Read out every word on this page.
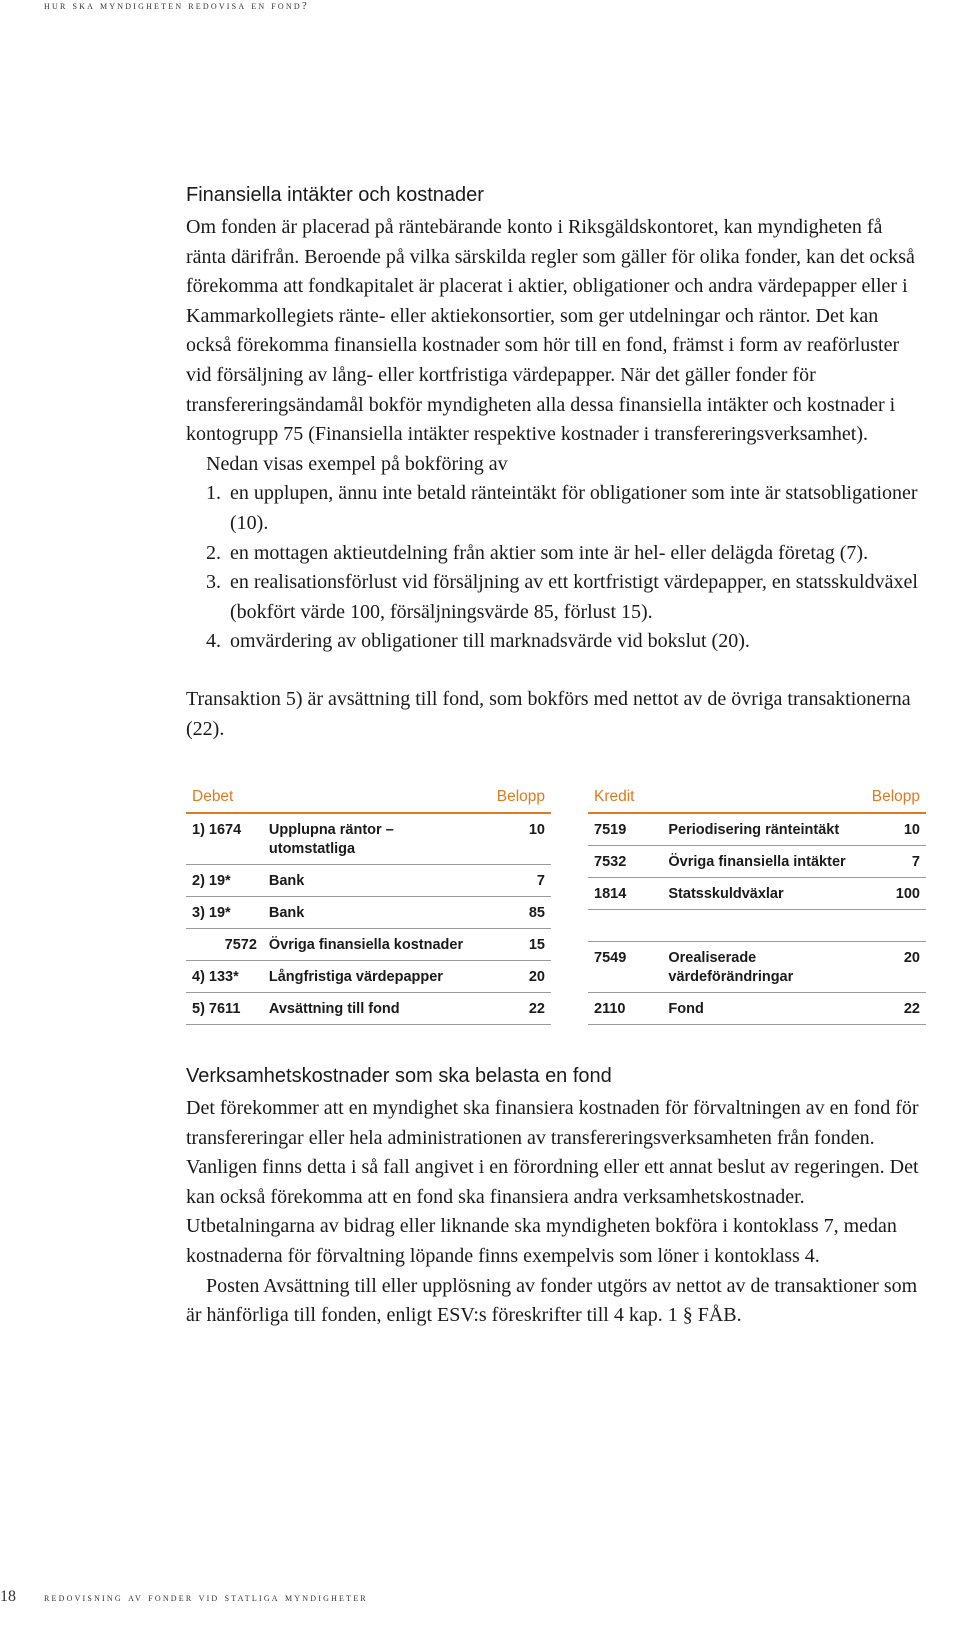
hur ska myndigheten redovisa en fond?
Finansiella intäkter och kostnader

Om fonden är placerad på räntebärande konto i Riksgäldskontoret, kan myndigheten få ränta därifrån. Beroende på vilka särskilda regler som gäller för olika fonder, kan det också förekomma att fondkapitalet är placerat i aktier, obligationer och andra värdepapper eller i Kammarkollegiets ränte- eller aktiekonsortier, som ger utdelningar och räntor. Det kan också förekomma finansiella kostnader som hör till en fond, främst i form av reaförluster vid försäljning av lång- eller kortfristiga värdepapper. När det gäller fonder för transfereringsändamål bokför myndigheten alla dessa finansiella intäkter och kostnader i kontogrupp 75 (Finansiella intäkter respektive kostnader i transfereringsverksamhet).

Nedan visas exempel på bokföring av

1. en upplupen, ännu inte betald ränteintäkt för obligationer som inte är statsobligationer (10).
2. en mottagen aktieutdelning från aktier som inte är hel- eller delägda företag (7).
3. en realisationsförlust vid försäljning av ett kortfristigt värdepapper, en statsskuldväxel (bokfört värde 100, försäljningsvärde 85, förlust 15).
4. omvärdering av obligationer till marknadsvärde vid bokslut (20).

Transaktion 5) är avsättning till fond, som bokförs med nettot av de övriga transaktionerna (22).

Debet		Belopp
1) 1674	Upplupna räntor – utomstatliga	10
2) 19*	Bank	7
3) 19*	Bank	85
7572	Övriga finansiella kostnader	15
4) 133*	Långfristiga värdepapper	20
5) 7611	Avsättning till fond	22
Kredit		Belopp
7519	Periodisering ränteintäkt	10
7532	Övriga finansiella intäkter	7
1814	Statsskuldväxlar	100

7549	Orealiserade värdeförändringar	20
2110	Fond	22
Verksamhetskostnader som ska belasta en fond

Det förekommer att en myndighet ska finansiera kostnaden för förvaltningen av en fond för transfereringar eller hela administrationen av transfereringsverksamheten från fonden. Vanligen finns detta i så fall angivet i en förordning eller ett annat beslut av regeringen. Det kan också förekomma att en fond ska finansiera andra verksamhetskostnader. Utbetalningarna av bidrag eller liknande ska myndigheten bokföra i kontoklass 7, medan kostnaderna för förvaltning löpande finns exempelvis som löner i kontoklass 4.

Posten Avsättning till eller upplösning av fonder utgörs av nettot av de transaktioner som är hänförliga till fonden, enligt ESV:s föreskrifter till 4 kap. 1 § FÅB.

18 redovisning av fonder vid statliga myndigheter
